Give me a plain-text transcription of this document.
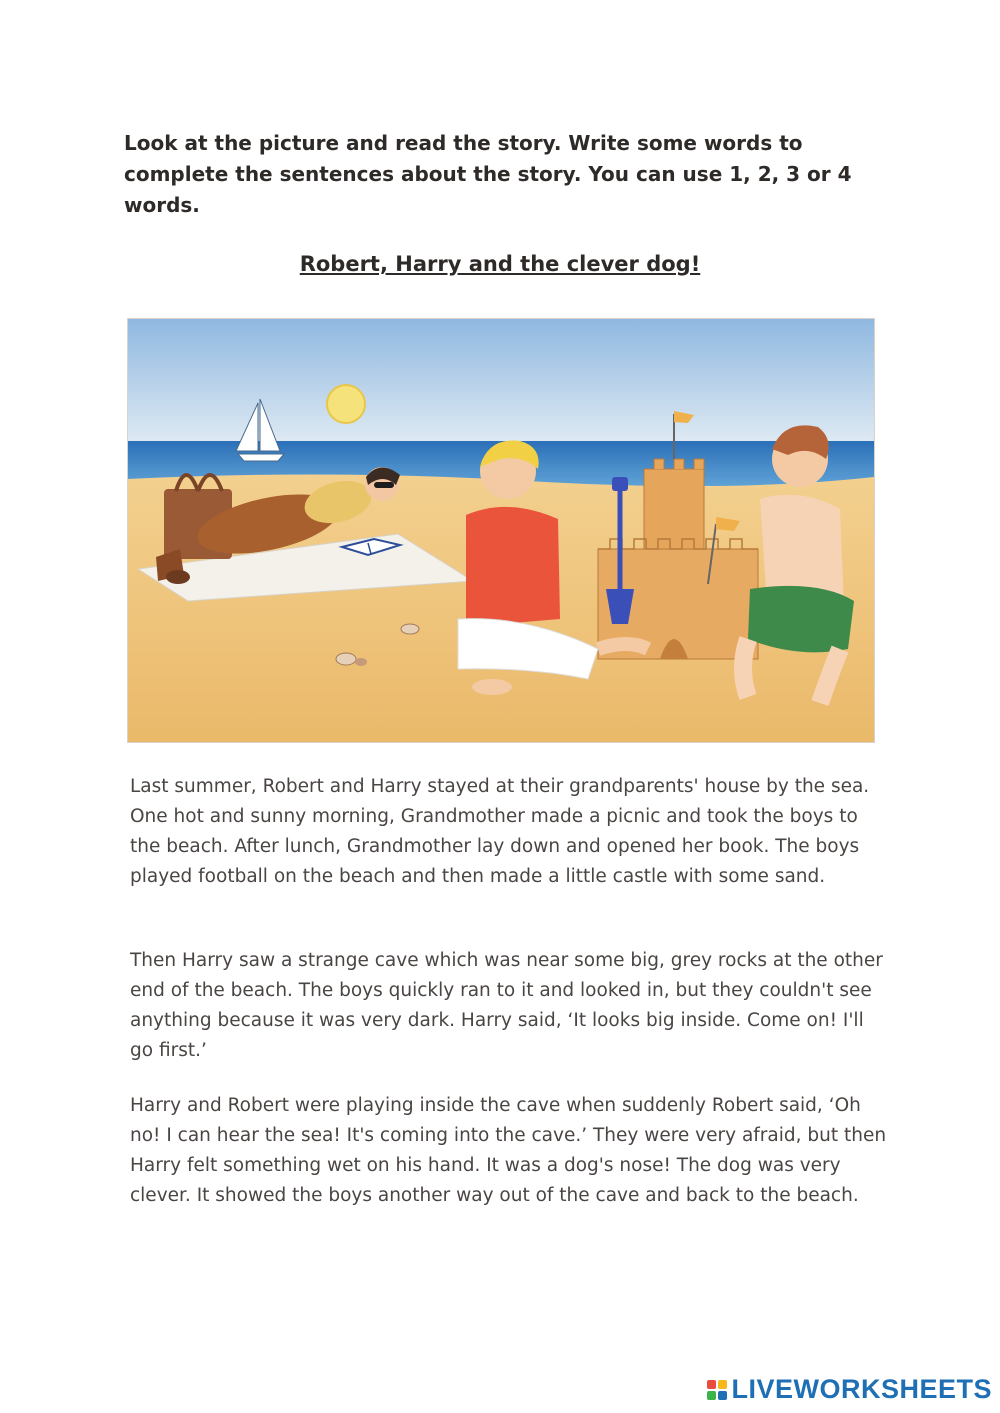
Look at the picture and read the story. Write some words to complete the sentences about the story. You can use 1, 2, 3 or 4 words.

Robert, Harry and the clever dog!

Last summer, Robert and Harry stayed at their grandparents' house by the sea. One hot and sunny morning, Grandmother made a picnic and took the boys to the beach. After lunch, Grandmother lay down and opened her book. The boys played football on the beach and then made a little castle with some sand.

Then Harry saw a strange cave which was near some big, grey rocks at the other end of the beach. The boys quickly ran to it and looked in, but they couldn't see anything because it was very dark. Harry said, ‘It looks big inside. Come on! I'll go first.’

Harry and Robert were playing inside the cave when suddenly Robert said, ‘Oh no! I can hear the sea! It's coming into the cave.’ They were very afraid, but then Harry felt something wet on his hand. It was a dog's nose! The dog was very clever. It showed the boys another way out of the cave and back to the beach.

LIVEWORKSHEETS
